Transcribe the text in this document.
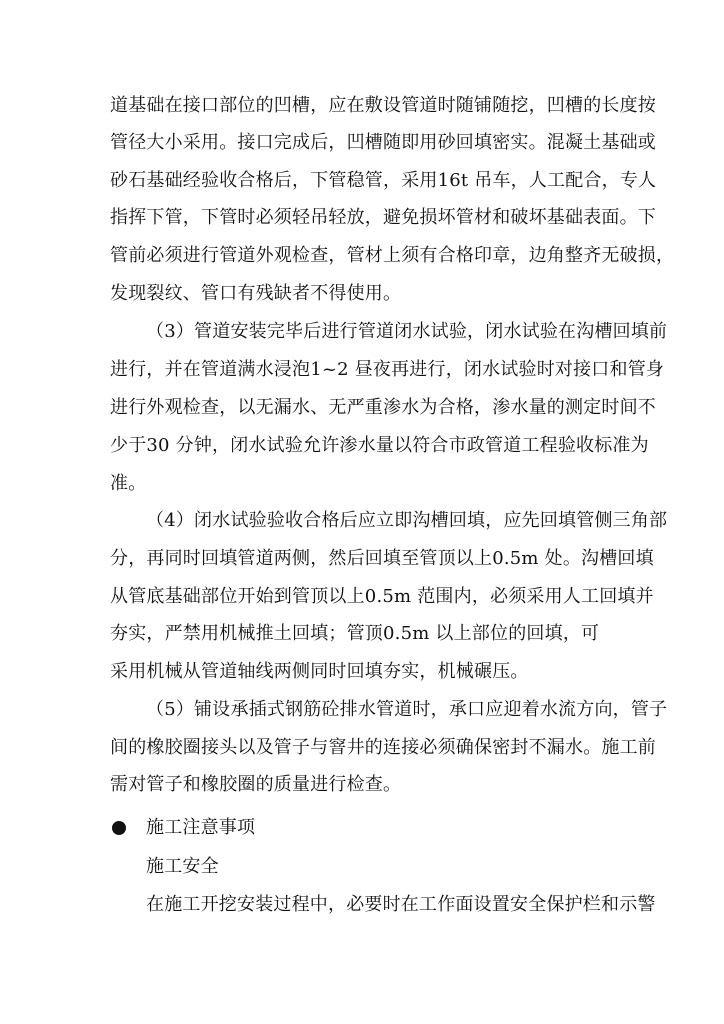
道基础在接口部位的凹槽，应在敷设管道时随铺随挖，凹槽的长度按
管径大小采用。接口完成后，凹槽随即用砂回填密实。混凝土基础或
砂石基础经验收合格后，下管稳管，采用16t 吊车，人工配合，专人
指挥下管，下管时必须轻吊轻放，避免损坏管材和破坏基础表面。下
管前必须进行管道外观检查，管材上须有合格印章，边角整齐无破损，
发现裂纹、管口有残缺者不得使用。
（3）管道安装完毕后进行管道闭水试验，闭水试验在沟槽回填前
进行，并在管道满水浸泡1~2 昼夜再进行，闭水试验时对接口和管身
进行外观检查，以无漏水、无严重渗水为合格，渗水量的测定时间不
少于30 分钟，闭水试验允许渗水量以符合市政管道工程验收标准为
准。
（4）闭水试验验收合格后应立即沟槽回填，应先回填管侧三角部
分，再同时回填管道两侧，然后回填至管顶以上0.5m 处。沟槽回填
从管底基础部位开始到管顶以上0.5m 范围内，必须采用人工回填并
夯实，严禁用机械推土回填；管顶0.5m 以上部位的回填，可
采用机械从管道轴线两侧同时回填夯实，机械碾压。
（5）铺设承插式钢筋砼排水管道时，承口应迎着水流方向，管子
间的橡胶圈接头以及管子与窨井的连接必须确保密封不漏水。施工前
需对管子和橡胶圈的质量进行检查。
施工注意事项
施工安全
在施工开挖安装过程中，必要时在工作面设置安全保护栏和示警
